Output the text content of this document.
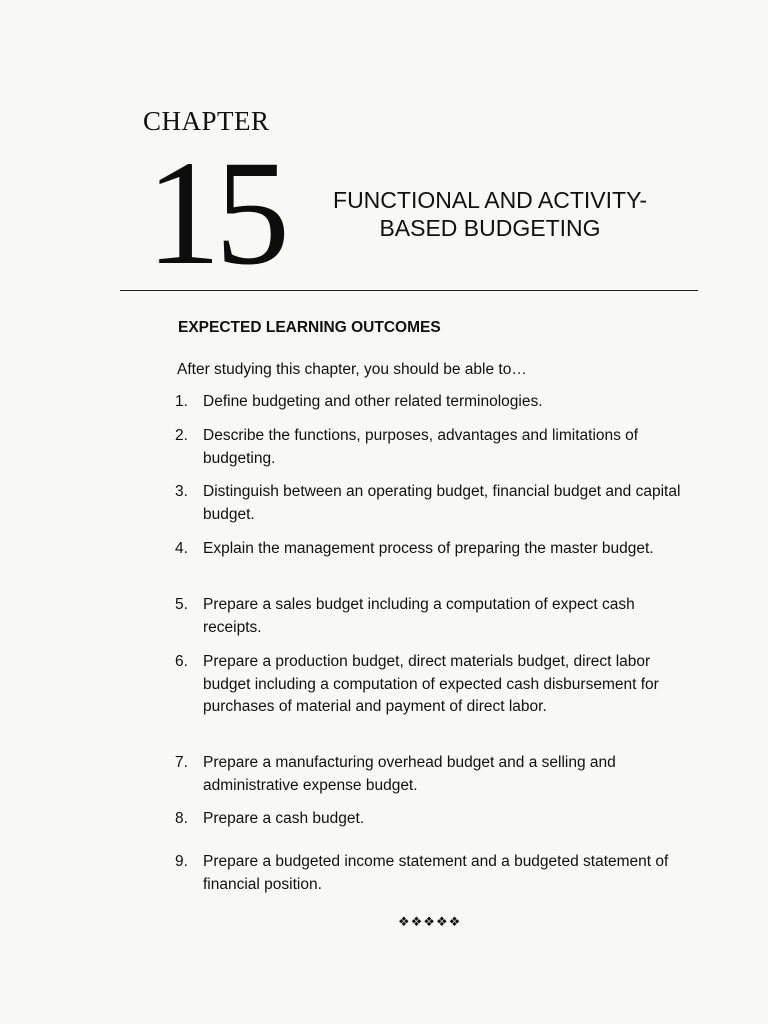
CHAPTER
15	FUNCTIONAL AND ACTIVITY-
BASED BUDGETING
EXPECTED LEARNING OUTCOMES
After studying this chapter, you should be able to…
1. Define budgeting and other related terminologies.
2. Describe the functions, purposes, advantages and limitations of budgeting.
3. Distinguish between an operating budget, financial budget and capital budget.
4. Explain the management process of preparing the master budget.
5. Prepare a sales budget including a computation of expect cash receipts.
6. Prepare a production budget, direct materials budget, direct labor budget including a computation of expected cash disbursement for purchases of material and payment of direct labor.
7. Prepare a manufacturing overhead budget and a selling and administrative expense budget.
8. Prepare a cash budget.
9. Prepare a budgeted income statement and a budgeted statement of financial position.
❖❖❖❖❖
